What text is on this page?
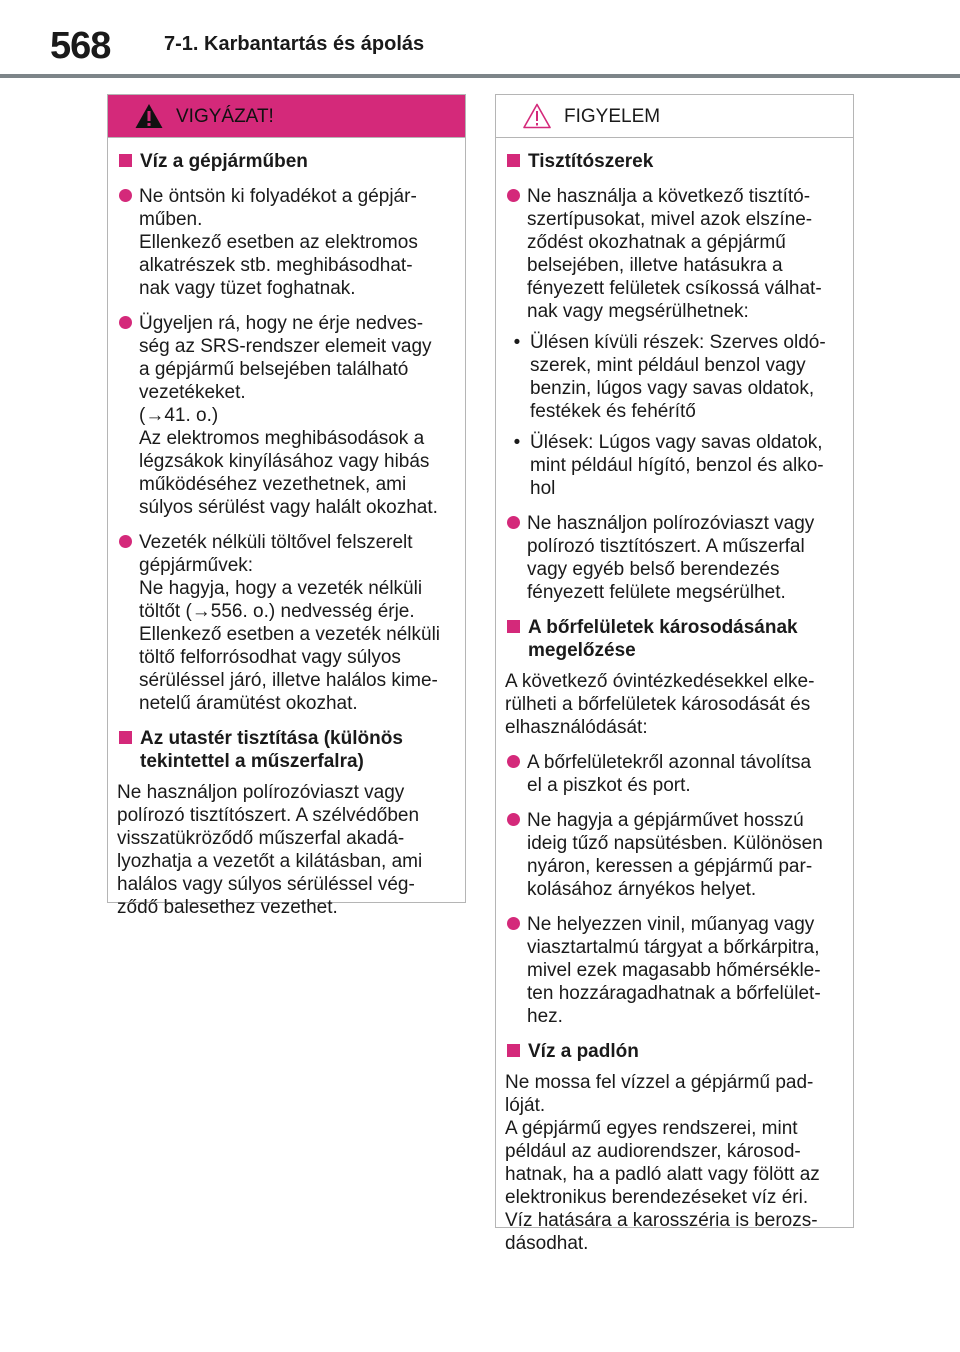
568	7-1. Karbantartás és ápolás
VIGYÁZAT!
Víz a gépjárműben
Ne öntsön ki folyadékot a gépjár-
műben.
Ellenkező esetben az elektromos
alkatrészek stb. meghibásodhat-
nak vagy tüzet foghatnak.
Ügyeljen rá, hogy ne érje nedves-
ség az SRS-rendszer elemeit vagy
a gépjármű belsejében található
vezetékeket.
(→41. o.)
Az elektromos meghibásodások a
légzsákok kinyílásához vagy hibás
működéséhez vezethetnek, ami
súlyos sérülést vagy halált okozhat.
Vezeték nélküli töltővel felszerelt
gépjárművek:
Ne hagyja, hogy a vezeték nélküli
töltőt (→556. o.) nedvesség érje.
Ellenkező esetben a vezeték nélküli
töltő felforrósodhat vagy súlyos
sérüléssel járó, illetve halálos kime-
netelű áramütést okozhat.
Az utastér tisztítása (különös
tekintettel a műszerfalra)
Ne használjon polírozóviaszt vagy
polírozó tisztítószert. A szélvédőben
visszatükröződő műszerfal akadá-
lyozhatja a vezetőt a kilátásban, ami
halálos vagy súlyos sérüléssel vég-
ződő balesethez vezethet.
FIGYELEM
Tisztítószerek
Ne használja a következő tisztító-
szertípusokat, mivel azok elszíne-
ződést okozhatnak a gépjármű
belsejében, illetve hatásukra a
fényezett felületek csíkossá válhat-
nak vagy megsérülhetnek:
• Ülésen kívüli részek: Szerves oldó-
szerek, mint például benzol vagy
benzin, lúgos vagy savas oldatok,
festékek és fehérítő
• Ülések: Lúgos vagy savas oldatok,
mint például hígító, benzol és alko-
hol
Ne használjon polírozóviaszt vagy
polírozó tisztítószert. A műszerfal
vagy egyéb belső berendezés
fényezett felülete megsérülhet.
A bőrfelületek károsodásának
megelőzése
A következő óvintézkedésekkel elke-
rülheti a bőrfelületek károsodását és
elhasználódását:
A bőrfelületekről azonnal távolítsa
el a piszkot és port.
Ne hagyja a gépjárművet hosszú
ideig tűző napsütésben. Különösen
nyáron, keressen a gépjármű par-
kolásához árnyékos helyet.
Ne helyezzen vinil, műanyag vagy
viasztartalmú tárgyat a bőrkárpitra,
mivel ezek magasabb hőmérsékle-
ten hozzáragadhatnak a bőrfelület-
hez.
Víz a padlón
Ne mossa fel vízzel a gépjármű pad-
lóját.
A gépjármű egyes rendszerei, mint
például az audiorendszer, károsod-
hatnak, ha a padló alatt vagy fölött az
elektronikus berendezéseket víz éri.
Víz hatására a karosszéria is berozs-
dásodhat.
